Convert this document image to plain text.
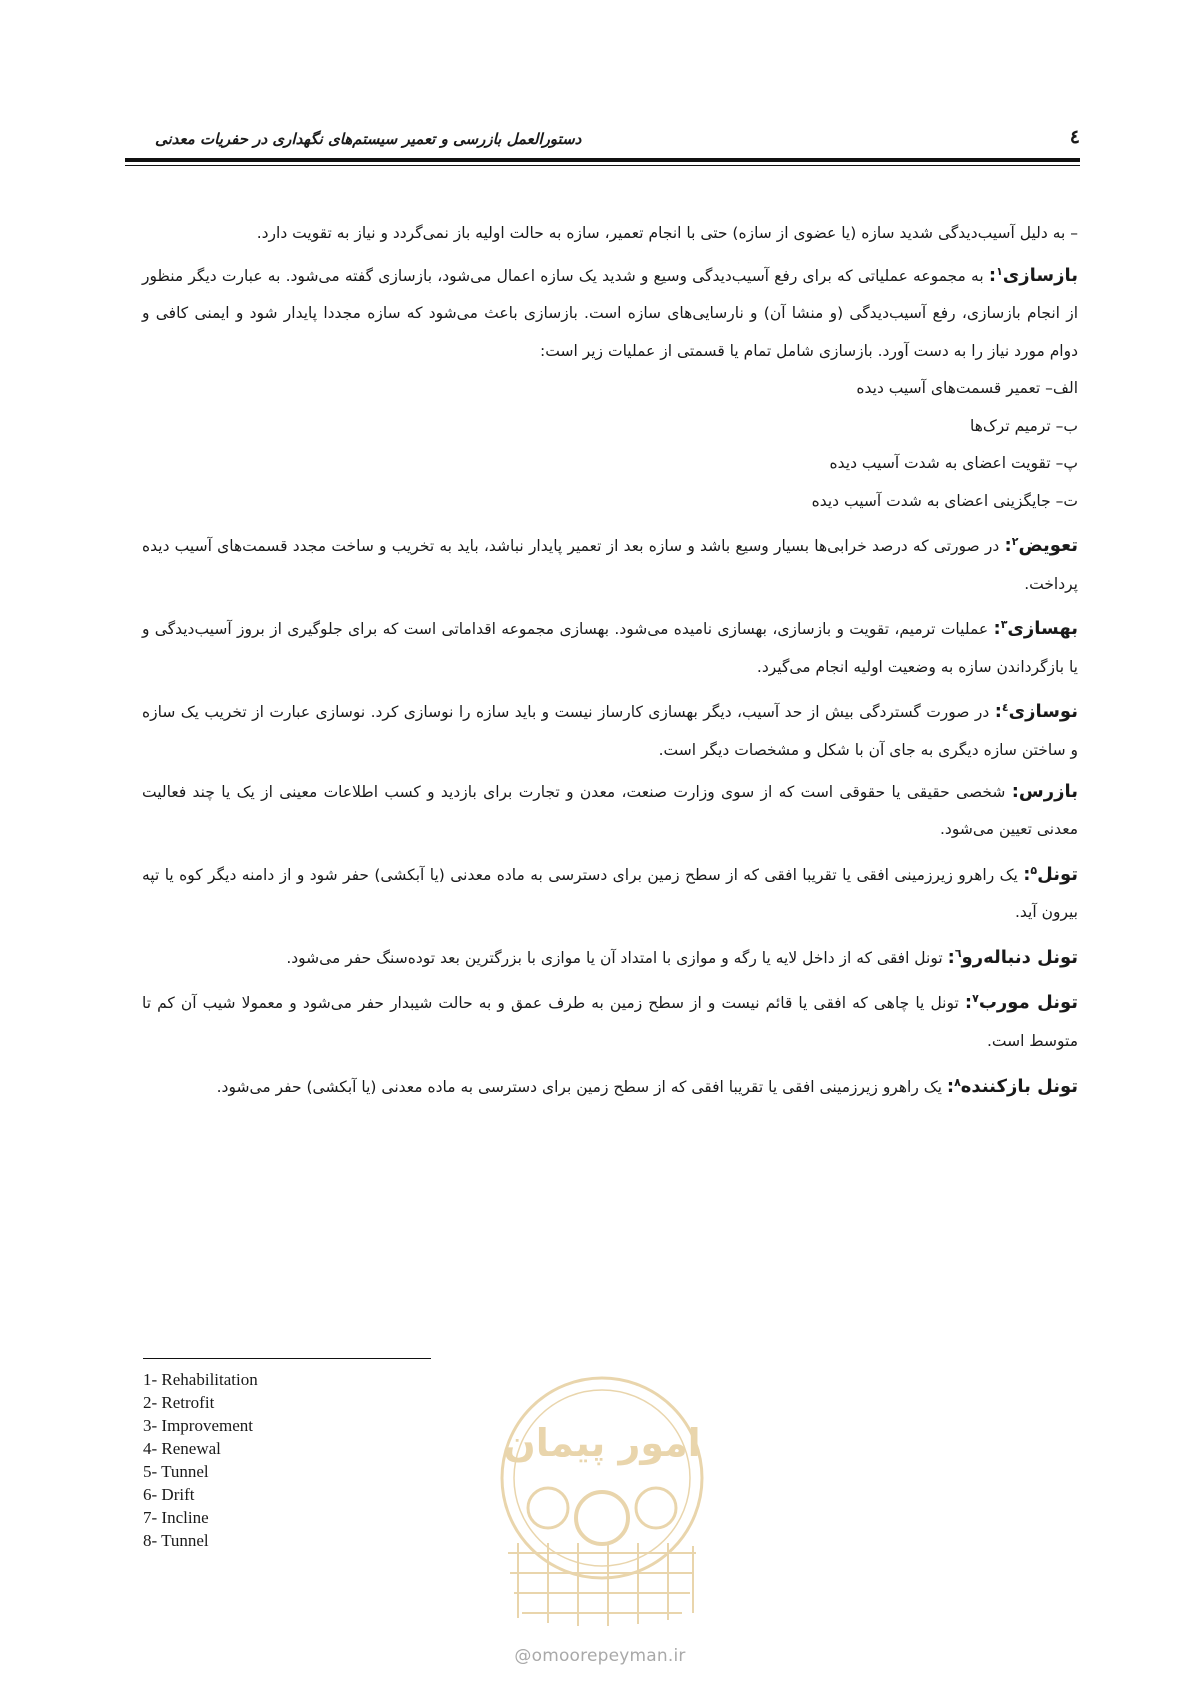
٤
دستورالعمل بازرسی و تعمیر سیستم‌های نگهداری در حفریات معدنی

– به دلیل آسیب‌دیدگی شدید سازه (یا عضوی از سازه) حتی با انجام تعمیر، سازه به حالت اولیه باز نمی‌گردد و نیاز به تقویت دارد.

بازسازی$^۱$: به مجموعه عملیاتی که برای رفع آسیب‌دیدگی وسیع و شدید یک سازه اعمال می‌شود، بازسازی گفته می‌شود. به عبارت دیگر منظور از انجام بازسازی، رفع آسیب‌دیدگی (و منشا آن) و نارسایی‌های سازه است. بازسازی باعث می‌شود که سازه مجددا پایدار شود و ایمنی کافی و دوام مورد نیاز را به دست آورد. بازسازی شامل تمام یا قسمتی از عملیات زیر است:

الف– تعمیر قسمت‌های آسیب دیده

ب– ترمیم ترک‌ها

پ– تقویت اعضای به شدت آسیب دیده

ت– جایگزینی اعضای به شدت آسیب دیده

تعویض$^۲$: در صورتی که درصد خرابی‌ها بسیار وسیع باشد و سازه بعد از تعمیر پایدار نباشد، باید به تخریب و ساخت مجدد قسمت‌های آسیب دیده پرداخت.

بهسازی$^۳$: عملیات ترمیم، تقویت و بازسازی، بهسازی نامیده می‌شود. بهسازی مجموعه اقداماتی است که برای جلوگیری از بروز آسیب‌دیدگی و یا بازگرداندن سازه به وضعیت اولیه انجام می‌گیرد.

نوسازی$^٤$: در صورت گستردگی بیش از حد آسیب، دیگر بهسازی کارساز نیست و باید سازه را نوسازی کرد. نوسازی عبارت از تخریب یک سازه و ساختن سازه دیگری به جای آن با شکل و مشخصات دیگر است.

بازرس: شخصی حقیقی یا حقوقی است که از سوی وزارت صنعت، معدن و تجارت برای بازدید و کسب اطلاعات معینی از یک یا چند فعالیت معدنی تعیین می‌شود.

تونل$^۵$: یک راهرو زیرزمینی افقی یا تقریبا افقی که از سطح زمین برای دسترسی به ماده معدنی (یا آبکشی) حفر شود و از دامنه دیگر کوه یا تپه بیرون آید.

تونل دنباله‌رو$^٦$: تونل افقی که از داخل لایه یا رگه و موازی با امتداد آن یا موازی با بزرگترین بعد توده‌سنگ حفر می‌شود.

تونل مورب$^۷$: تونل یا چاهی که افقی یا قائم نیست و از سطح زمین به طرف عمق و به حالت شیبدار حفر می‌شود و معمولا شیب آن کم تا متوسط است.

تونل بازکننده$^۸$: یک راهرو زیرزمینی افقی یا تقریبا افقی که از سطح زمین برای دسترسی به ماده معدنی (یا آبکشی) حفر می‌شود.

1- Rehabilitation
2- Retrofit
3- Improvement
4- Renewal
5- Tunnel
6- Drift
7- Incline
8- Tunnel
امور پیمان
@omoorepeyman.ir
